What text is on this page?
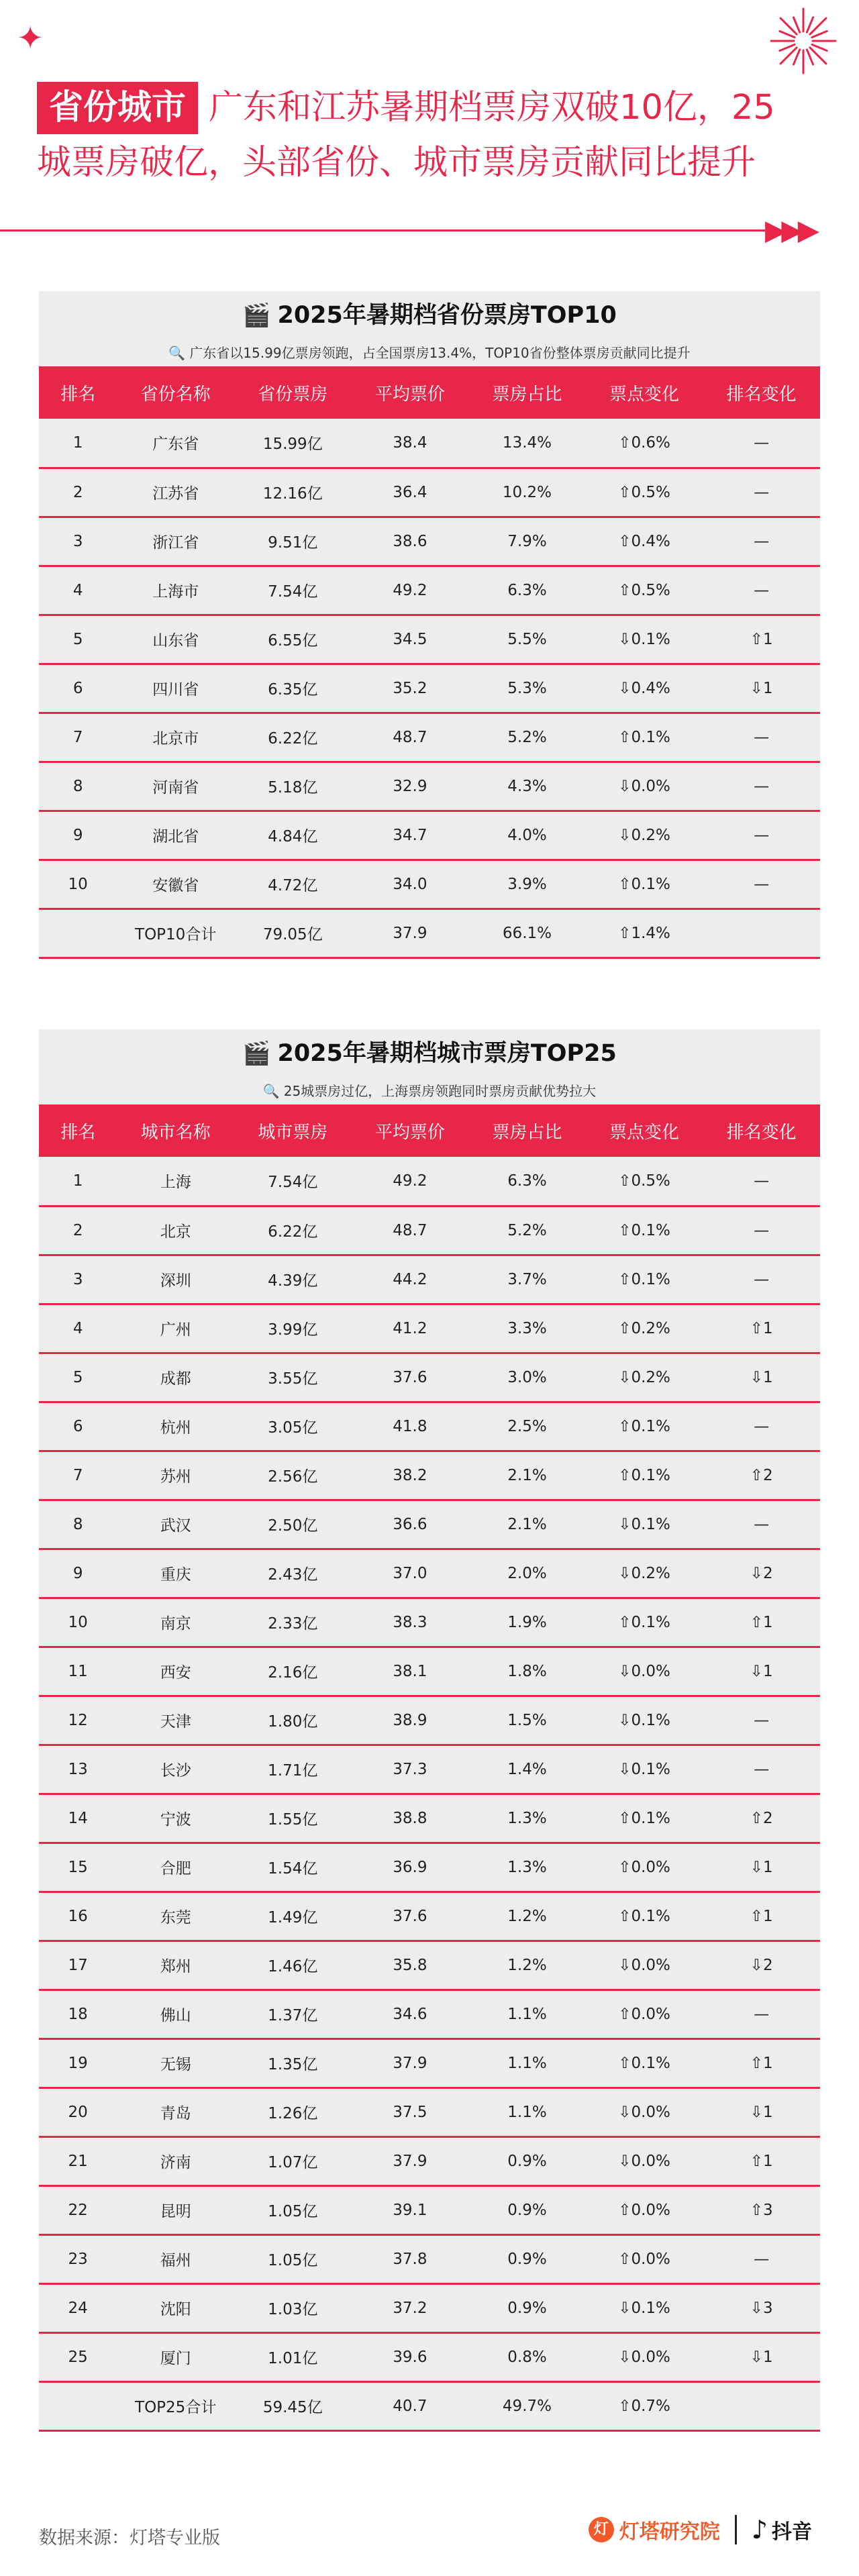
✦
省份城市 广东和江苏暑期档票房双破10亿，25城票房破亿，头部省份、城市票房贡献同比提升
▶▶▶
🎬 2025年暑期档省份票房TOP10
🔍 广东省以15.99亿票房领跑，占全国票房13.4%，TOP10省份整体票房贡献同比提升
排名	省份名称	省份票房	平均票价	票房占比	票点变化	排名变化
1	广东省	15.99亿	38.4	13.4%	⇧0.6%	—
2	江苏省	12.16亿	36.4	10.2%	⇧0.5%	—
3	浙江省	9.51亿	38.6	7.9%	⇧0.4%	—
4	上海市	7.54亿	49.2	6.3%	⇧0.5%	—
5	山东省	6.55亿	34.5	5.5%	⇩0.1%	⇧1
6	四川省	6.35亿	35.2	5.3%	⇩0.4%	⇩1
7	北京市	6.22亿	48.7	5.2%	⇧0.1%	—
8	河南省	5.18亿	32.9	4.3%	⇩0.0%	—
9	湖北省	4.84亿	34.7	4.0%	⇩0.2%	—
10	安徽省	4.72亿	34.0	3.9%	⇧0.1%	—
	TOP10合计	79.05亿	37.9	66.1%	⇧1.4%	
🎬 2025年暑期档城市票房TOP25
🔍 25城票房过亿，上海票房领跑同时票房贡献优势拉大
排名	城市名称	城市票房	平均票价	票房占比	票点变化	排名变化
1	上海	7.54亿	49.2	6.3%	⇧0.5%	—
2	北京	6.22亿	48.7	5.2%	⇧0.1%	—
3	深圳	4.39亿	44.2	3.7%	⇧0.1%	—
4	广州	3.99亿	41.2	3.3%	⇧0.2%	⇧1
5	成都	3.55亿	37.6	3.0%	⇩0.2%	⇩1
6	杭州	3.05亿	41.8	2.5%	⇧0.1%	—
7	苏州	2.56亿	38.2	2.1%	⇧0.1%	⇧2
8	武汉	2.50亿	36.6	2.1%	⇩0.1%	—
9	重庆	2.43亿	37.0	2.0%	⇩0.2%	⇩2
10	南京	2.33亿	38.3	1.9%	⇧0.1%	⇧1
11	西安	2.16亿	38.1	1.8%	⇩0.0%	⇩1
12	天津	1.80亿	38.9	1.5%	⇩0.1%	—
13	长沙	1.71亿	37.3	1.4%	⇩0.1%	—
14	宁波	1.55亿	38.8	1.3%	⇧0.1%	⇧2
15	合肥	1.54亿	36.9	1.3%	⇧0.0%	⇩1
16	东莞	1.49亿	37.6	1.2%	⇧0.1%	⇧1
17	郑州	1.46亿	35.8	1.2%	⇩0.0%	⇩2
18	佛山	1.37亿	34.6	1.1%	⇧0.0%	—
19	无锡	1.35亿	37.9	1.1%	⇧0.1%	⇧1
20	青岛	1.26亿	37.5	1.1%	⇩0.0%	⇩1
21	济南	1.07亿	37.9	0.9%	⇩0.0%	⇧1
22	昆明	1.05亿	39.1	0.9%	⇧0.0%	⇧3
23	福州	1.05亿	37.8	0.9%	⇧0.0%	—
24	沈阳	1.03亿	37.2	0.9%	⇩0.1%	⇩3
25	厦门	1.01亿	39.6	0.8%	⇩0.0%	⇩1
	TOP25合计	59.45亿	40.7	49.7%	⇧0.7%	
数据来源：灯塔专业版	灯 灯塔研究院 ♪ 抖音
